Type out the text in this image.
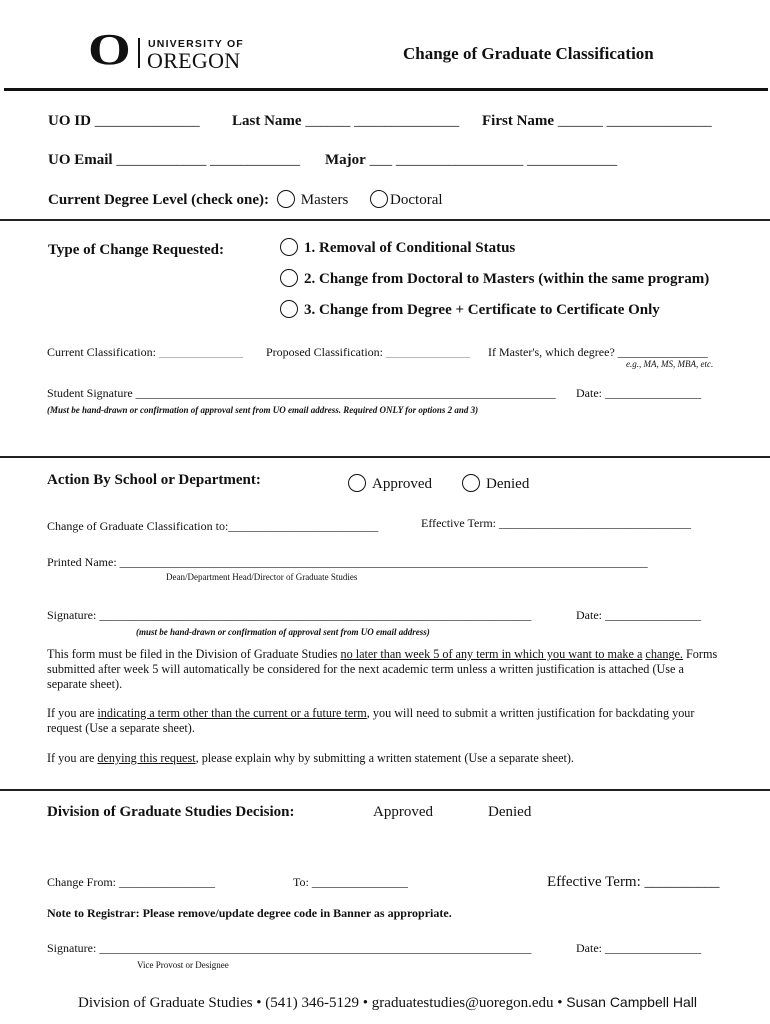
O UNIVERSITY OF
OREGON	Change of Graduate Classification
UO ID ______________ Last Name ______ ______________ First Name ______ ______________
UO Email ____________ ____________ Major ___ _________________ ____________
Current Degree Level (check one): Masters	Doctoral
Type of Change Requested:	1. Removal of Conditional Status
2. Change from Doctoral to Masters (within the same program)
3. Change from Degree + Certificate to Certificate Only
Current Classification: ______________ Proposed Classification: ______________ If Master's, which degree? _______________
e.g., MA, MS, MBA, etc.
Student Signature ______________________________________________________________________ Date: ________________
(Must be hand-drawn or confirmation of approval sent from UO email address. Required ONLY for options 2 and 3)
Action By School or Department:	Approved	Denied
Change of Graduate Classification to:_________________________	Effective Term: ________________________________
Printed Name: ________________________________________________________________________________________
Dean/Department Head/Director of Graduate Studies
Signature: ________________________________________________________________________	Date: ________________
(must be hand-drawn or confirmation of approval sent from UO email address)
This form must be filed in the Division of Graduate Studies no later than week 5 of any term in which you want to make a change. Forms submitted after week 5 will automatically be considered for the next academic term unless a written justification is attached (Use a separate sheet).
If you are indicating a term other than the current or a future term, you will need to submit a written justification for backdating your request (Use a separate sheet).
If you are denying this request, please explain why by submitting a written statement (Use a separate sheet).
Division of Graduate Studies Decision:	Approved	Denied
Change From: ________________	To: ________________	Effective Term: __________
Note to Registrar: Please remove/update degree code in Banner as appropriate.
Signature: ________________________________________________________________________	Date: ________________
Vice Provost or Designee
Division of Graduate Studies • (541) 346-5129 • graduatestudies@uoregon.edu • Susan Campbell Hall
